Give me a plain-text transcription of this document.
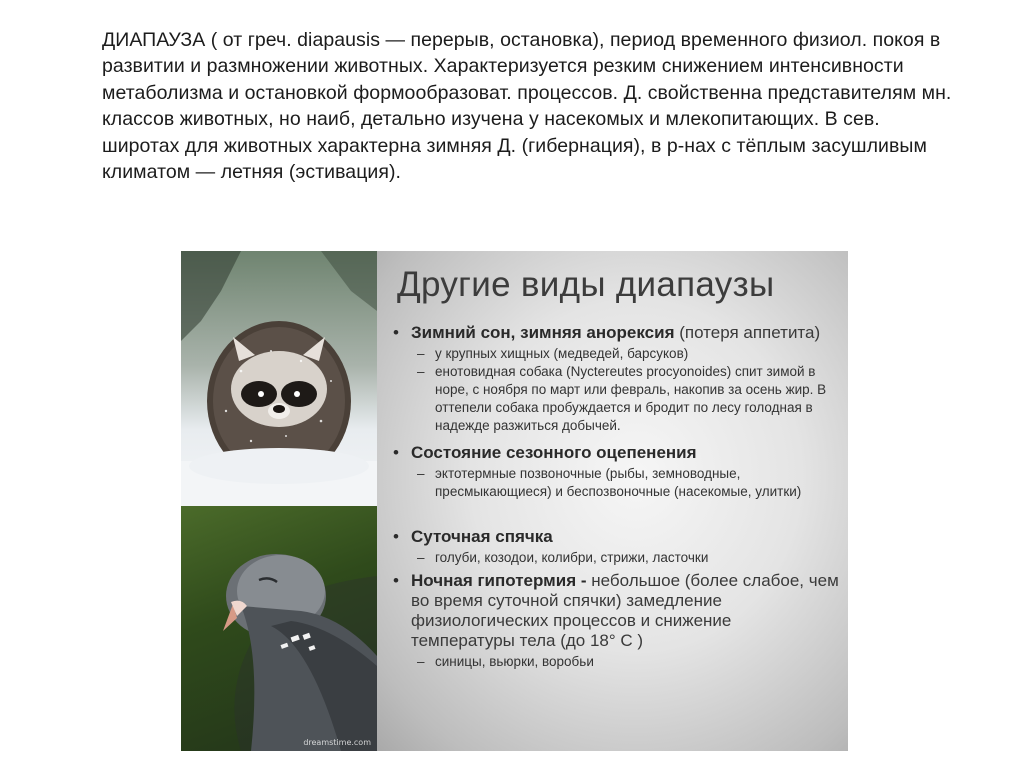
ДИАПАУЗА ( от греч. diapausis — перерыв, остановка), период временного физиол. покоя в развитии и размножении животных. Характеризуется резким снижением интенсивности метаболизма и остановкой формообразоват. процессов. Д. свойственна представителям мн. классов животных, но наиб, детально изучена у насекомых и млекопитающих. В сев. широтах для животных характерна зимняя Д. (гибернация), в р-нах с тёплым засушливым климатом — летняя (эстивация).

dreamstime.com
Другие виды диапаузы
• Зимний сон, зимняя анорексия (потеря аппетита)
– у крупных хищных (медведей, барсуков)
– енотовидная собака (Nyctereutes procyonoides) спит зимой в норе, с ноября по март или февраль, накопив за осень жир. В оттепели собака пробуждается и бродит по лесу голодная в надежде разжиться добычей.
• Состояние сезонного оцепенения
– эктотермные позвоночные (рыбы, земноводные, пресмыкающиеся) и беспозвоночные (насекомые, улитки)
• Суточная спячка
– голуби, козодои, колибри, стрижи, ласточки
• Ночная гипотермия - небольшое (более слабое, чем во время суточной спячки) замедление физиологических процессов и снижение температуры тела (до 18° С )
– синицы, вьюрки, воробьи
